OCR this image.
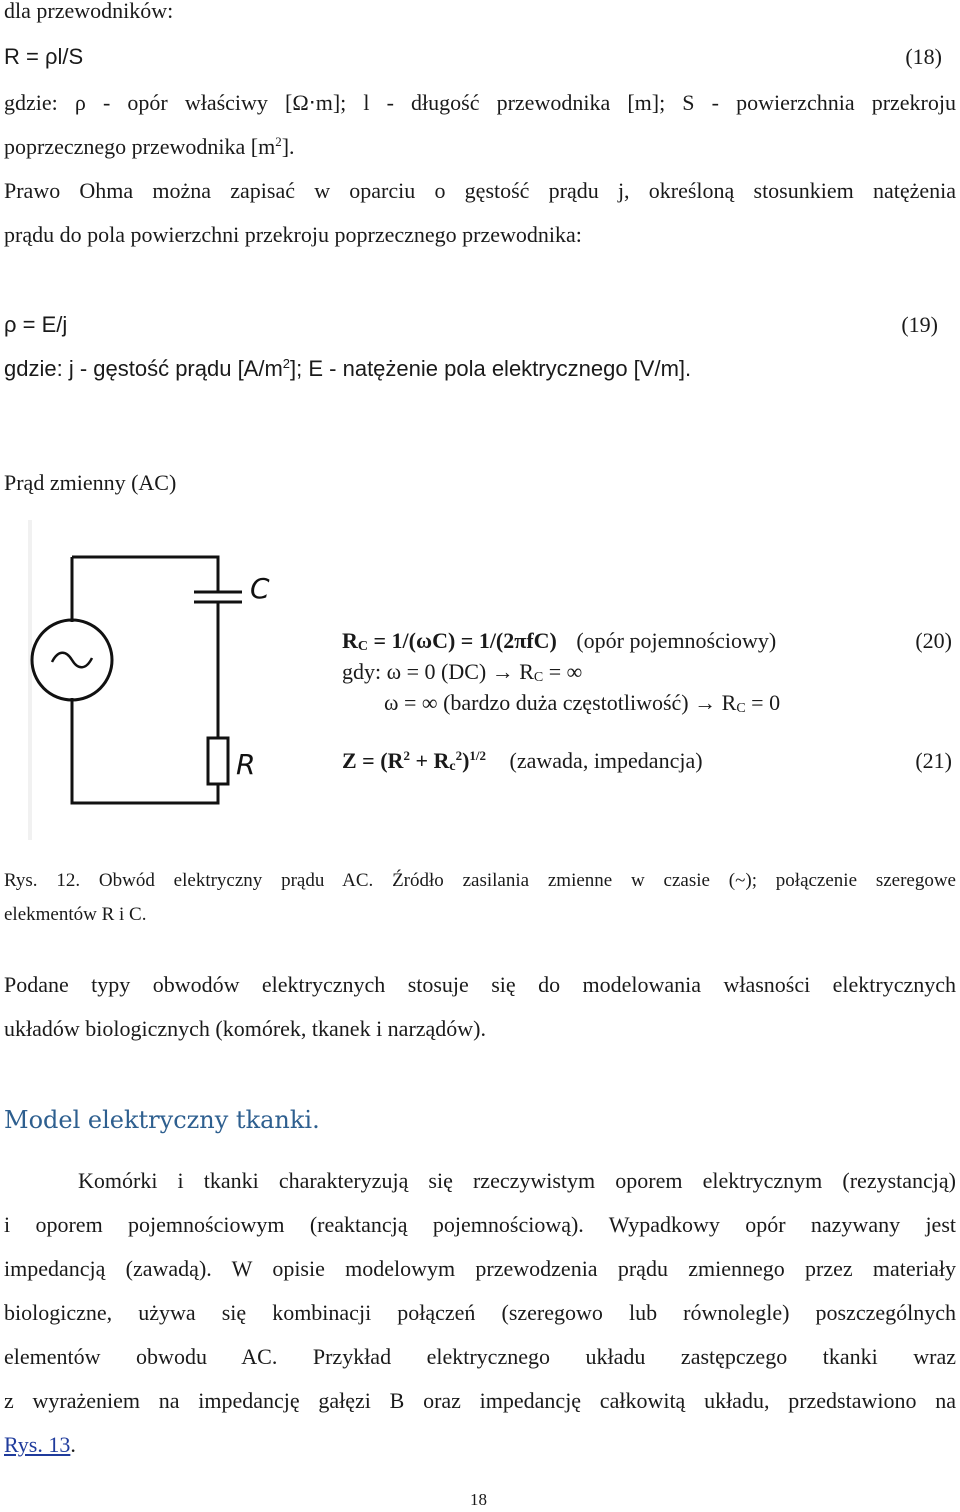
dla przewodników:
R = ρl/S	(18)
gdzie: ρ - opór właściwy [Ω⋅m]; l - długość przewodnika [m]; S - powierzchnia przekroju
poprzecznego przewodnika $[m^2]$.
Prawo Ohma można zapisać w oparciu o gęstość prądu j, określoną stosunkiem natężenia
prądu do pola powierzchni przekroju poprzecznego przewodnika:
ρ = E/j	(19)
gdzie: j - gęstość prądu $[A/m^2]$; E - natężenie pola elektrycznego [V/m].
Prąd zmienny (AC)
C
R
$R_C = 1/(\omega C) = 1/(2\pi fC)$ (opór pojemnościowy)	(20)
gdy: ω = 0 $(DC) \to R_C$ = ∞
ω = ∞ (bardzo duża częstotliwość) → $R_C = 0$
$Z = (R^2 + R_c^2)^{1/2}$ (zawada, impedancja)	(21)
Rys. 12. Obwód elektryczny prądu AC. Źródło zasilania zmienne w czasie (~); połączenie szeregowe
elekmentów R i C.
Podane typy obwodów elektrycznych stosuje się do modelowania własności elektrycznych
układów biologicznych (komórek, tkanek i narządów).
Model elektryczny tkanki.
Komórki i tkanki charakteryzują się rzeczywistym oporem elektrycznym (rezystancją)
i oporem pojemnościowym (reaktancją pojemnościową). Wypadkowy opór nazywany jest
impedancją (zawadą). W opisie modelowym przewodzenia prądu zmiennego przez materiały
biologiczne, używa się kombinacji połączeń (szeregowo lub równolegle) poszczególnych
elementów obwodu AC. Przykład elektrycznego układu zastępczego tkanki wraz
z wyrażeniem na impedancję gałęzi B oraz impedancję całkowitą układu, przedstawiono na
Rys. 13.
18
